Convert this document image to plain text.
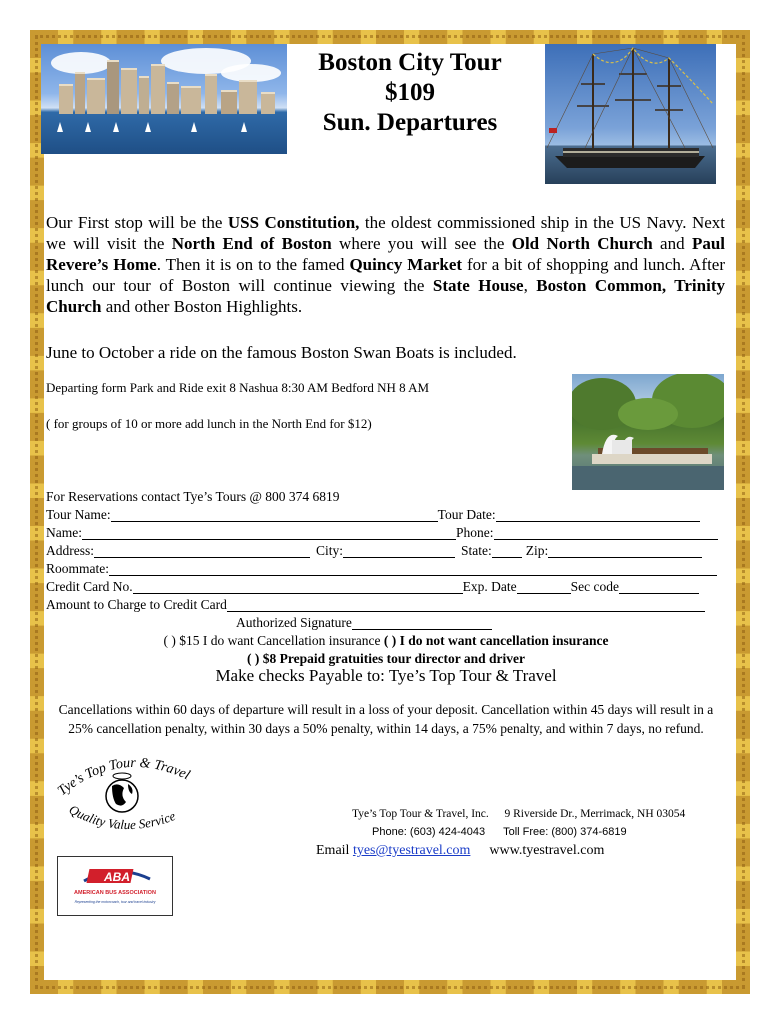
Boston City Tour
$109
Sun. Departures
Our First stop will be the USS Constitution, the oldest commissioned ship in the US Navy. Next we will visit the North End of Boston where you will see the Old North Church and Paul Revere’s Home. Then it is on to the famed Quincy Market for a bit of shopping and lunch. After lunch our tour of Boston will continue viewing the State House, Boston Common, Trinity Church and other Boston Highlights.
June to October a ride on the famous Boston Swan Boats is included.
Departing form Park and Ride exit 8 Nashua 8:30 AM Bedford NH 8 AM
( for groups of 10 or more add lunch in the North End for $12)
For Reservations contact Tye’s Tours @ 800 374 6819
Tour Name:	Tour Date:
Name:	Phone:
Address:	City:	State:	Zip:
Roommate:
Credit Card No.	Exp. Date	Sec code
Amount to Charge to Credit Card
Authorized Signature
( ) $15 I do want Cancellation insurance ( ) I do not want cancellation insurance
( ) $8 Prepaid gratuities tour director and driver
Make checks Payable to: Tye’s Top Tour & Travel
Cancellations within 60 days of departure will result in a loss of your deposit. Cancellation within 45 days will result in a 25% cancellation penalty, within 30 days a 50% penalty, within 14 days, a 75% penalty, and within 7 days, no refund.
Tye’s Top Tour & Travel
Quality Value Service	Tye’s Top Tour & Travel, Inc. 9 Riverside Dr., Merrimack, NH 03054
Phone: (603) 424-4043 Toll Free: (800) 374-6819
Email tyes@tyestravel.com www.tyestravel.com
ABA
AMERICAN BUS ASSOCIATION
Representing the motorcoach, tour and travel industry
